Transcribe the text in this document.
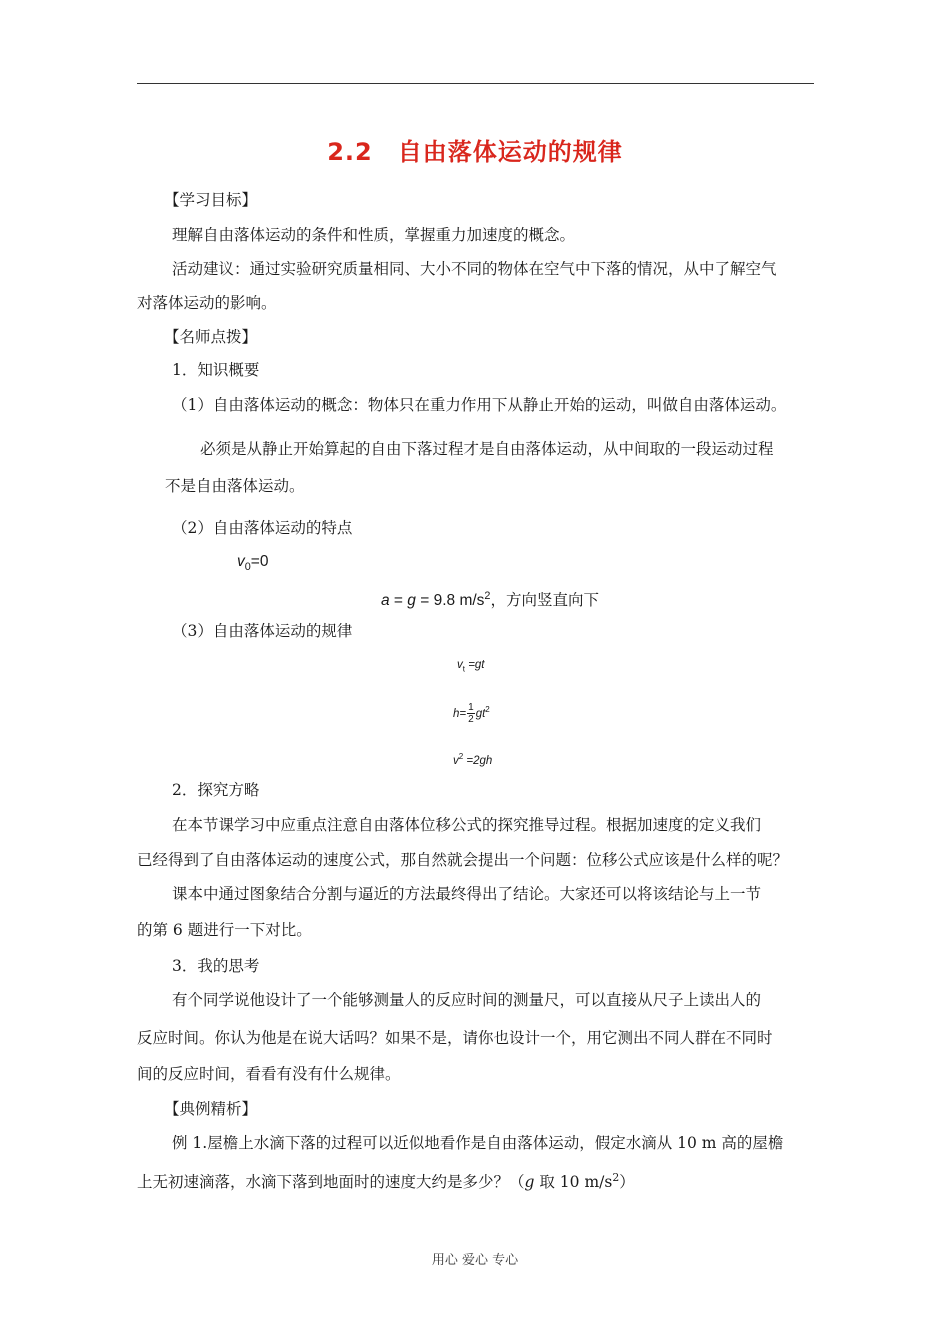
2.2　自由落体运动的规律
【学习目标】
理解自由落体运动的条件和性质，掌握重力加速度的概念。
活动建议：通过实验研究质量相同、大小不同的物体在空气中下落的情况，从中了解空气
对落体运动的影响。
【名师点拨】
1．知识概要
（1）自由落体运动的概念：物体只在重力作用下从静止开始的运动，叫做自由落体运动。
必须是从静止开始算起的自由下落过程才是自由落体运动，从中间取的一段运动过程
不是自由落体运动。
（2）自由落体运动的特点
$v_0=0$
a = g = 9.8 $m/s^2$，方向竖直向下
（3）自由落体运动的规律
$v_t =gt$
$h= \frac{1}{2} gt^2$
$v^2 =2gh$
2．探究方略
在本节课学习中应重点注意自由落体位移公式的探究推导过程。根据加速度的定义我们
已经得到了自由落体运动的速度公式，那自然就会提出一个问题：位移公式应该是什么样的呢？
课本中通过图象结合分割与逼近的方法最终得出了结论。大家还可以将该结论与上一节
的第 6 题进行一下对比。
3．我的思考
有个同学说他设计了一个能够测量人的反应时间的测量尺，可以直接从尺子上读出人的
反应时间。你认为他是在说大话吗？如果不是，请你也设计一个，用它测出不同人群在不同时
间的反应时间，看看有没有什么规律。
【典例精析】
例 1.屋檐上水滴下落的过程可以近似地看作是自由落体运动，假定水滴从 10 m 高的屋檐
上无初速滴落，水滴下落到地面时的速度大约是多少？（g 取 10 $m/s^2$）
用心 爱心 专心
